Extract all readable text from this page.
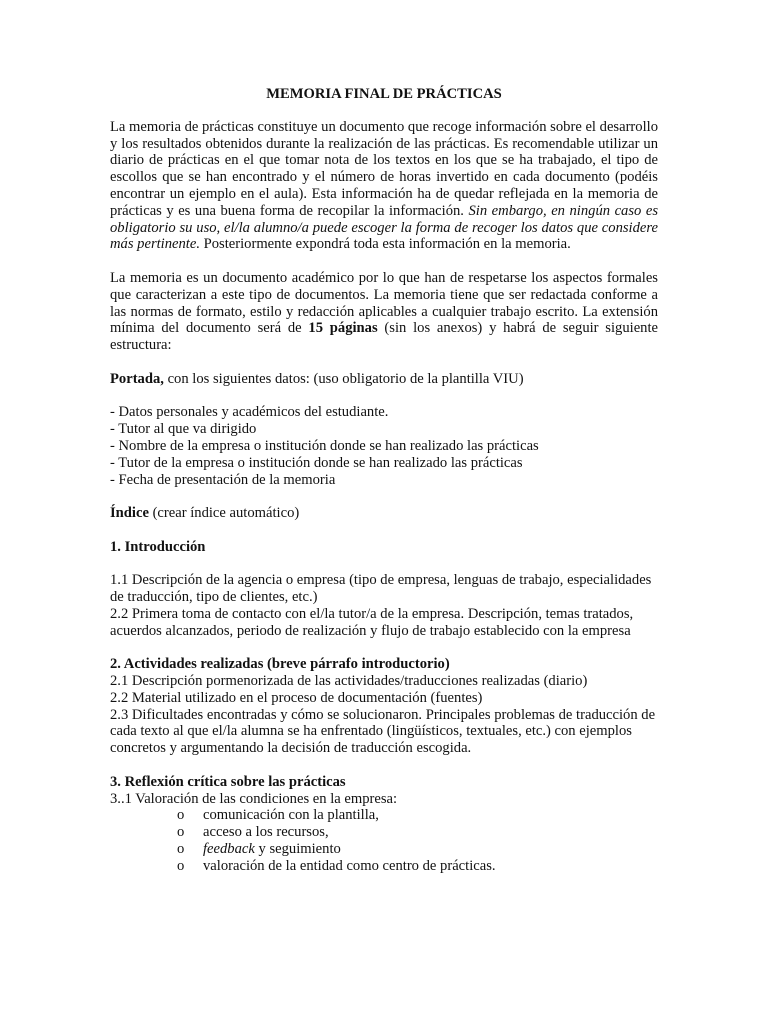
MEMORIA FINAL DE PRÁCTICAS

La memoria de prácticas constituye un documento que recoge información sobre el desarrollo y los resultados obtenidos durante la realización de las prácticas. Es recomendable utilizar un diario de prácticas en el que tomar nota de los textos en los que se ha trabajado, el tipo de escollos que se han encontrado y el número de horas invertido en cada documento (podéis encontrar un ejemplo en el aula). Esta información ha de quedar reflejada en la memoria de prácticas y es una buena forma de recopilar la información. Sin embargo, en ningún caso es obligatorio su uso, el/la alumno/a puede escoger la forma de recoger los datos que considere más pertinente. Posteriormente expondrá toda esta información en la memoria.

La memoria es un documento académico por lo que han de respetarse los aspectos formales que caracterizan a este tipo de documentos. La memoria tiene que ser redactada conforme a las normas de formato, estilo y redacción aplicables a cualquier trabajo escrito. La extensión mínima del documento será de 15 páginas (sin los anexos) y habrá de seguir siguiente estructura:

Portada, con los siguientes datos: (uso obligatorio de la plantilla VIU)

- Datos personales y académicos del estudiante.

- Tutor al que va dirigido

- Nombre de la empresa o institución donde se han realizado las prácticas

- Tutor de la empresa o institución donde se han realizado las prácticas

- Fecha de presentación de la memoria

Índice (crear índice automático)

1. Introducción

1.1 Descripción de la agencia o empresa (tipo de empresa, lenguas de trabajo, especialidades de traducción, tipo de clientes, etc.)

2.2 Primera toma de contacto con el/la tutor/a de la empresa. Descripción, temas tratados, acuerdos alcanzados, periodo de realización y flujo de trabajo establecido con la empresa

2. Actividades realizadas (breve párrafo introductorio)

2.1 Descripción pormenorizada de las actividades/traducciones realizadas (diario)

2.2 Material utilizado en el proceso de documentación (fuentes)

2.3 Dificultades encontradas y cómo se solucionaron. Principales problemas de traducción de cada texto al que el/la alumna se ha enfrentado (lingüísticos, textuales, etc.) con ejemplos concretos y argumentando la decisión de traducción escogida.

3. Reflexión crítica sobre las prácticas

3..1 Valoración de las condiciones en la empresa:

o comunicación con la plantilla,
o acceso a los recursos,
o feedback y seguimiento
o valoración de la entidad como centro de prácticas.
